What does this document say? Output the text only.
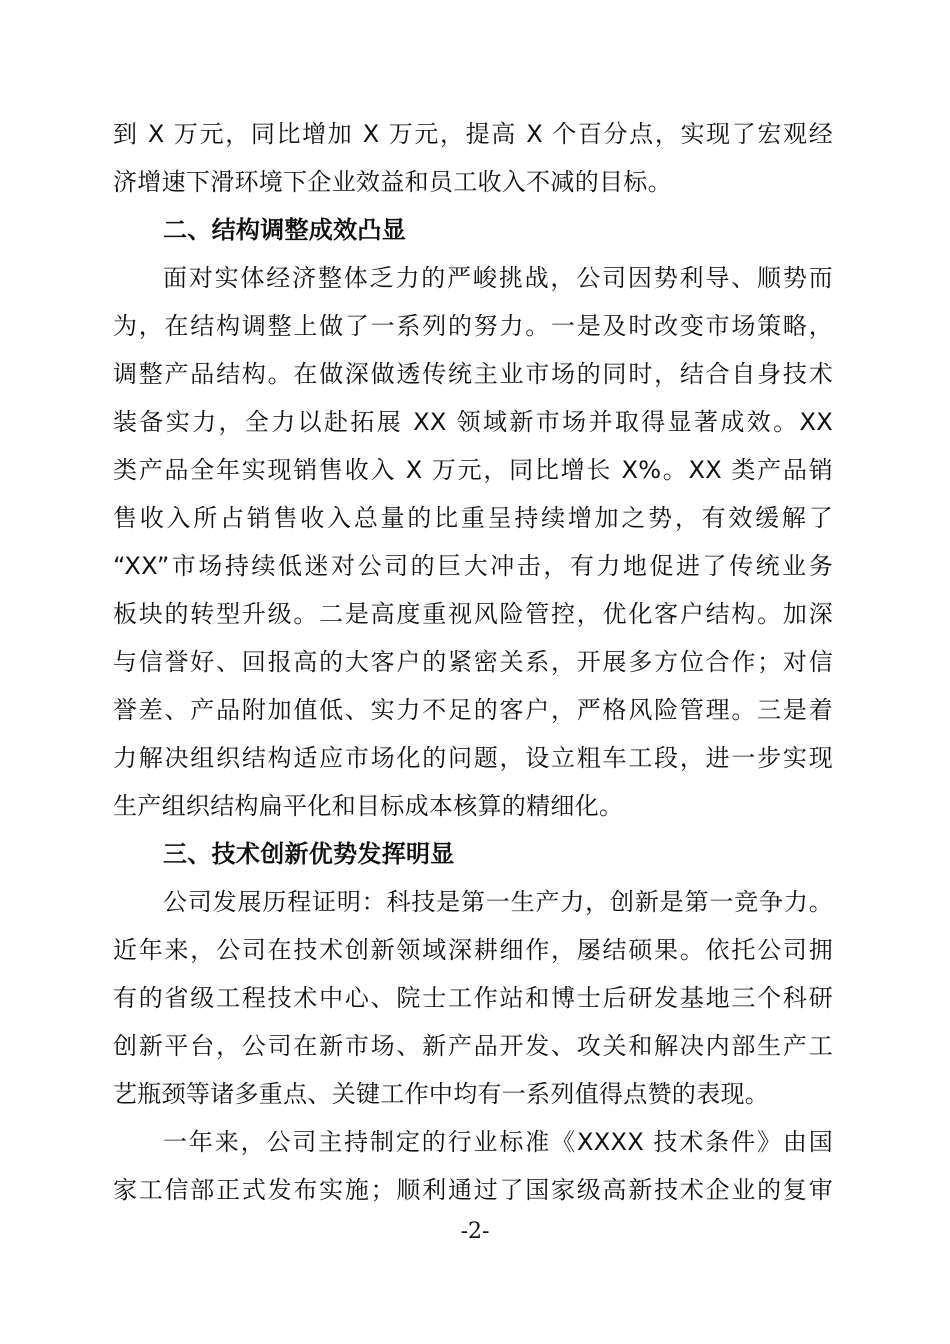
到 X 万元，同比增加 X 万元，提高 X 个百分点，实现了宏观经
济增速下滑环境下企业效益和员工收入不减的目标。
二、结构调整成效凸显
面对实体经济整体乏力的严峻挑战，公司因势利导、顺势而
为，在结构调整上做了一系列的努力。一是及时改变市场策略，
调整产品结构。在做深做透传统主业市场的同时，结合自身技术
装备实力，全力以赴拓展 XX 领域新市场并取得显著成效。XX
类产品全年实现销售收入 X 万元，同比增长 X%。XX 类产品销
售收入所占销售收入总量的比重呈持续增加之势，有效缓解了
“XX”市场持续低迷对公司的巨大冲击，有力地促进了传统业务
板块的转型升级。二是高度重视风险管控，优化客户结构。加深
与信誉好、回报高的大客户的紧密关系，开展多方位合作；对信
誉差、产品附加值低、实力不足的客户，严格风险管理。三是着
力解决组织结构适应市场化的问题，设立粗车工段，进一步实现
生产组织结构扁平化和目标成本核算的精细化。
三、技术创新优势发挥明显
公司发展历程证明：科技是第一生产力，创新是第一竞争力。
近年来，公司在技术创新领域深耕细作，屡结硕果。依托公司拥
有的省级工程技术中心、院士工作站和博士后研发基地三个科研
创新平台，公司在新市场、新产品开发、攻关和解决内部生产工
艺瓶颈等诸多重点、关键工作中均有一系列值得点赞的表现。
一年来，公司主持制定的行业标准《XXXX 技术条件》由国
家工信部正式发布实施；顺利通过了国家级高新技术企业的复审
-2-
